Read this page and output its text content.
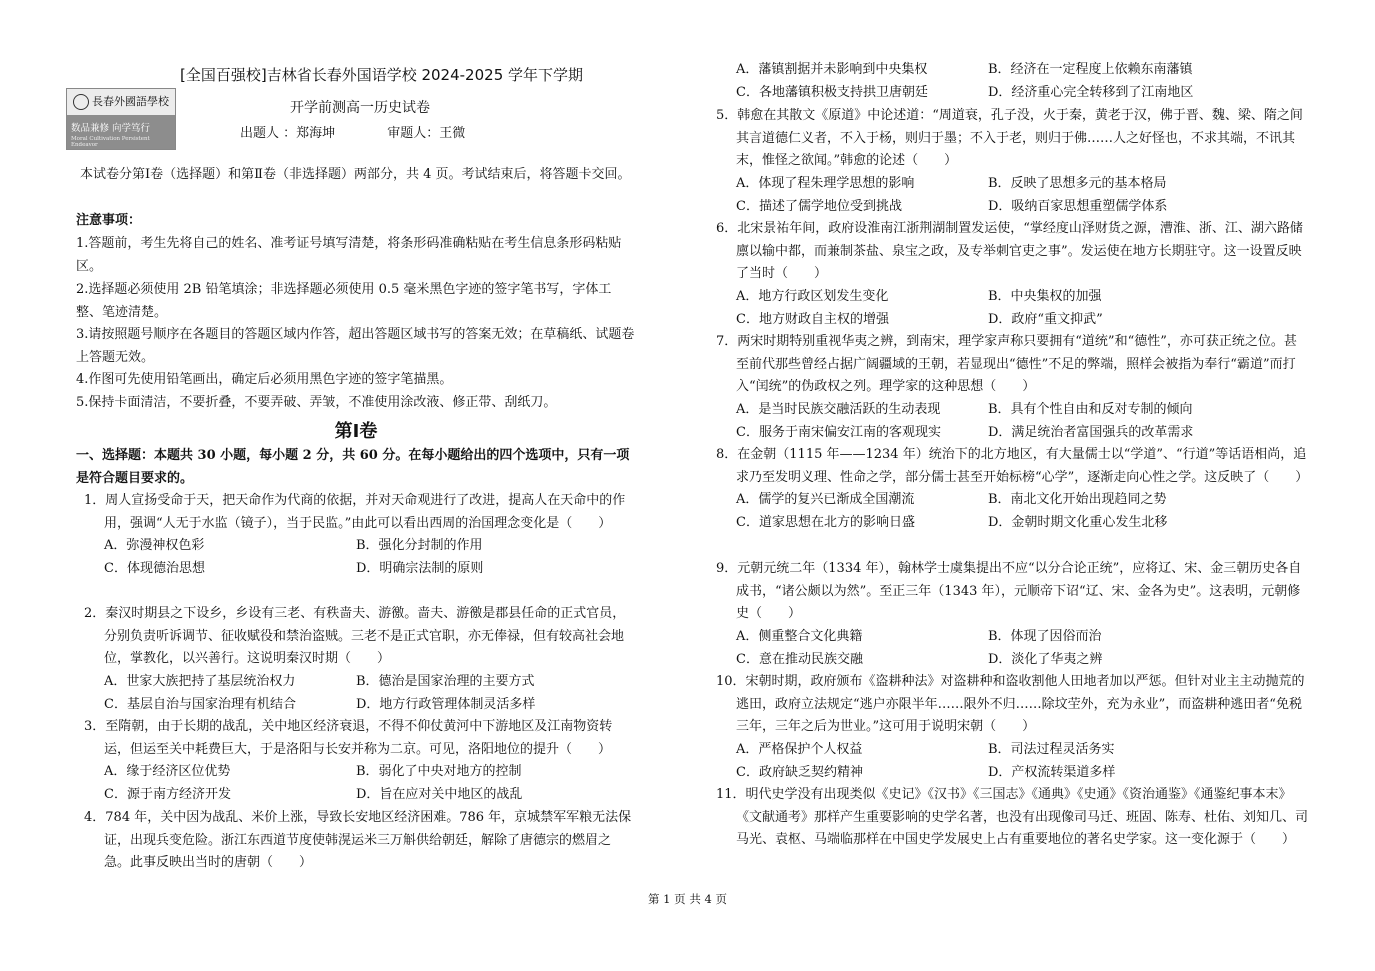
[全国百强校]吉林省长春外国语学校 2024-2025 学年下学期
長春外國語學校
数品兼修 向学笃行
Moral Cultivation Persistent Endeavor
开学前测高一历史试卷
出题人 ：郑海坤	审题人：王微
本试卷分第Ⅰ卷（选择题）和第Ⅱ卷（非选择题）两部分，共 4 页。考试结束后，将答题卡交回。
注意事项：
1.答题前，考生先将自己的姓名、准考证号填写清楚，将条形码准确粘贴在考生信息条形码粘贴区。
2.选择题必须使用 2B 铅笔填涂；非选择题必须使用 0.5 毫米黑色字迹的签字笔书写，字体工整、笔迹清楚。
3.请按照题号顺序在各题目的答题区域内作答，超出答题区域书写的答案无效；在草稿纸、试题卷上答题无效。
4.作图可先使用铅笔画出，确定后必须用黑色字迹的签字笔描黑。
5.保持卡面清洁，不要折叠，不要弄破、弄皱，不准使用涂改液、修正带、刮纸刀。
第Ⅰ卷
一、选择题：本题共 30 小题，每小题 2 分，共 60 分。在每小题给出的四个选项中，只有一项是符合题目要求的。
1．周人宣扬受命于天，把天命作为代商的依据，并对天命观进行了改进，提高人在天命中的作用，强调“人无于水监（镜子），当于民监。”由此可以看出西周的治国理念变化是（　　）
A．弥漫神权色彩	B．强化分封制的作用
C．体现德治思想	D．明确宗法制的原则
2．秦汉时期县之下设乡，乡设有三老、有秩啬夫、游徼。啬夫、游徼是郡县任命的正式官员，分别负责听诉调节、征收赋役和禁治盗贼。三老不是正式官职，亦无俸禄，但有较高社会地位，掌教化，以兴善行。这说明秦汉时期（　　）
A．世家大族把持了基层统治权力	B．德治是国家治理的主要方式
C．基层自治与国家治理有机结合	D．地方行政管理体制灵活多样
3．至隋朝，由于长期的战乱，关中地区经济衰退，不得不仰仗黄河中下游地区及江南物资转运，但运至关中耗费巨大，于是洛阳与长安并称为二京。可见，洛阳地位的提升（　　）
A．缘于经济区位优势	B．弱化了中央对地方的控制
C．源于南方经济开发	D．旨在应对关中地区的战乱
4．784 年，关中因为战乱、米价上涨，导致长安地区经济困难。786 年，京城禁军军粮无法保证，出现兵变危险。浙江东西道节度使韩滉运米三万斛供给朝廷，解除了唐德宗的燃眉之急。此事反映出当时的唐朝（　　）
A．藩镇割据并未影响到中央集权	B．经济在一定程度上依赖东南藩镇
C．各地藩镇积极支持拱卫唐朝廷	D．经济重心完全转移到了江南地区
5．韩愈在其散文《原道》中论述道：“周道衰，孔子没，火于秦，黄老于汉，佛于晋、魏、梁、隋之间其言道德仁义者，不入于杨，则归于墨；不入于老，则归于佛……人之好怪也，不求其端，不讯其末，惟怪之欲闻。”韩愈的论述（　　）
A．体现了程朱理学思想的影响	B．反映了思想多元的基本格局
C．描述了儒学地位受到挑战	D．吸纳百家思想重塑儒学体系
6．北宋景祐年间，政府设淮南江浙荆湖制置发运使，“掌经度山泽财货之源，漕淮、浙、江、湖六路储廪以输中都，而兼制茶盐、泉宝之政，及专举刺官吏之事”。发运使在地方长期驻守。这一设置反映了当时（　　）
A．地方行政区划发生变化	B．中央集权的加强
C．地方财政自主权的增强	D．政府“重文抑武”
7．两宋时期特别重视华夷之辨，到南宋，理学家声称只要拥有“道统”和“德性”，亦可获正统之位。甚至前代那些曾经占据广阔疆域的王朝，若显现出“德性”不足的弊端，照样会被指为奉行“霸道”而打入“闰统”的伪政权之列。理学家的这种思想（　　）
A．是当时民族交融活跃的生动表现	B．具有个性自由和反对专制的倾向
C．服务于南宋偏安江南的客观现实	D．满足统治者富国强兵的改革需求
8．在金朝（1115 年——1234 年）统治下的北方地区，有大量儒士以“学道”、“行道”等话语相尚，追求乃至发明义理、性命之学，部分儒士甚至开始标榜“心学”，逐渐走向心性之学。这反映了（　　）
A．儒学的复兴已渐成全国潮流	B．南北文化开始出现趋同之势
C．道家思想在北方的影响日盛	D．金朝时期文化重心发生北移
9．元朝元统二年（1334 年），翰林学士虞集提出不应“以分合论正统”，应将辽、宋、金三朝历史各自成书，“诸公颇以为然”。至正三年（1343 年），元顺帝下诏“辽、宋、金各为史”。这表明，元朝修史（　　）
A．侧重整合文化典籍	B．体现了因俗而治
C．意在推动民族交融	D．淡化了华夷之辨
10．宋朝时期，政府颁布《盗耕种法》对盗耕种和盗收割他人田地者加以严惩。但针对业主主动抛荒的逃田，政府立法规定“逃户亦限半年……限外不归……除坟茔外，充为永业”，而盗耕种逃田者“免税三年，三年之后为世业。”这可用于说明宋朝（　　）
A．严格保护个人权益	B．司法过程灵活务实
C．政府缺乏契约精神	D．产权流转渠道多样
11．明代史学没有出现类似《史记》《汉书》《三国志》《通典》《史通》《资治通鉴》《通鉴纪事本末》《文献通考》那样产生重要影响的史学名著，也没有出现像司马迁、班固、陈寿、杜佑、刘知几、司马光、袁枢、马端临那样在中国史学发展史上占有重要地位的著名史学家。这一变化源于（　　）
第 1 页 共 4 页
